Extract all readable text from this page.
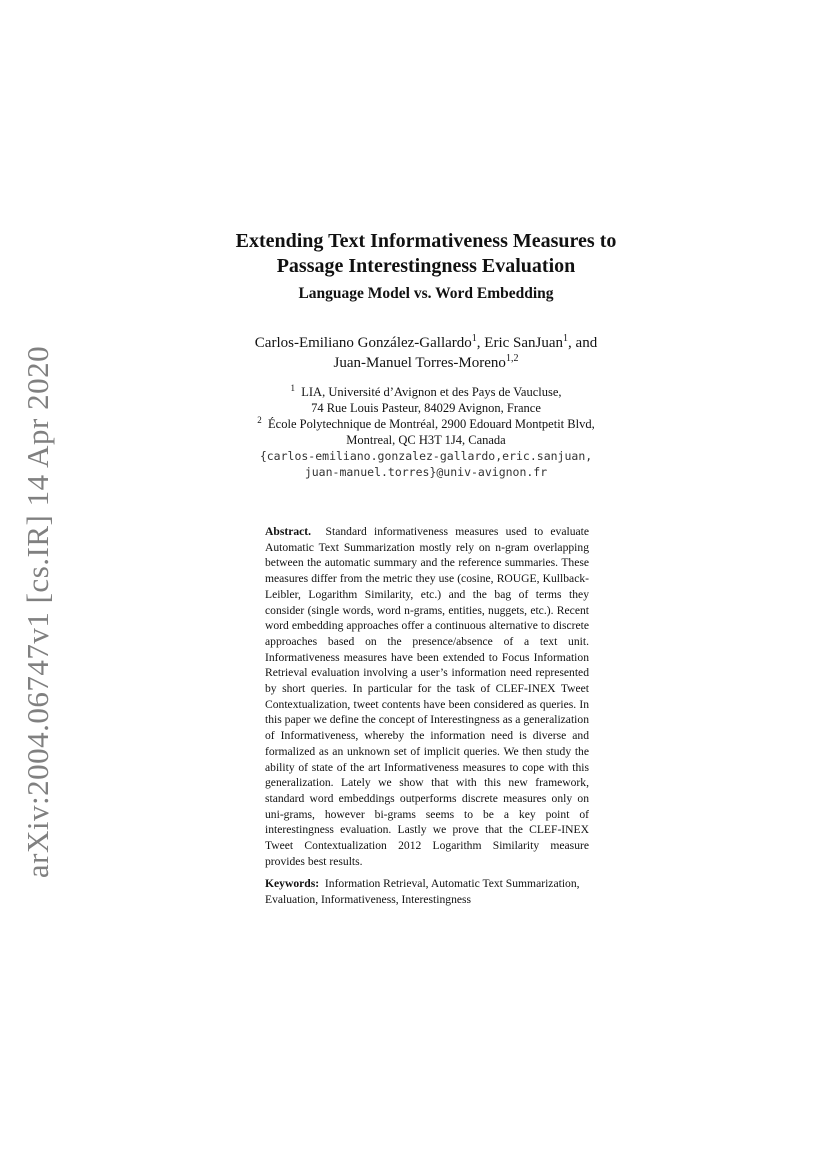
arXiv:2004.06747v1 [cs.IR] 14 Apr 2020
Extending Text Informativeness Measures to
Passage Interestingness Evaluation
Language Model vs. Word Embedding
Carlos-Emiliano González-Gallardo$^1$, Eric SanJuan$^1$, and
Juan-Manuel Torres-Moreno$^{1,2}$
$^1$ LIA, Université d’Avignon et des Pays de Vaucluse,
74 Rue Louis Pasteur, 84029 Avignon, France
$^2$ École Polytechnique de Montréal, 2900 Edouard Montpetit Blvd,
Montreal, QC H3T 1J4, Canada
{carlos-emiliano.gonzalez-gallardo,eric.sanjuan,
juan-manuel.torres}@univ-avignon.fr
Abstract. Standard informativeness measures used to evaluate Automatic Text Summarization mostly rely on n-gram overlapping between the automatic summary and the reference summaries. These measures differ from the metric they use (cosine, ROUGE, Kullback-Leibler, Logarithm Similarity, etc.) and the bag of terms they consider (single words, word n-grams, entities, nuggets, etc.). Recent word embedding approaches offer a continuous alternative to discrete approaches based on the presence/absence of a text unit. Informativeness measures have been extended to Focus Information Retrieval evaluation involving a user’s information need represented by short queries. In particular for the task of CLEF-INEX Tweet Contextualization, tweet contents have been considered as queries. In this paper we define the concept of Interestingness as a generalization of Informativeness, whereby the information need is diverse and formalized as an unknown set of implicit queries. We then study the ability of state of the art Informativeness measures to cope with this generalization. Lately we show that with this new framework, standard word embeddings outperforms discrete measures only on uni-grams, however bi-grams seems to be a key point of interestingness evaluation. Lastly we prove that the CLEF-INEX Tweet Contextualization 2012 Logarithm Similarity measure provides best results.
Keywords: Information Retrieval, Automatic Text Summarization, Evaluation, Informativeness, Interestingness
